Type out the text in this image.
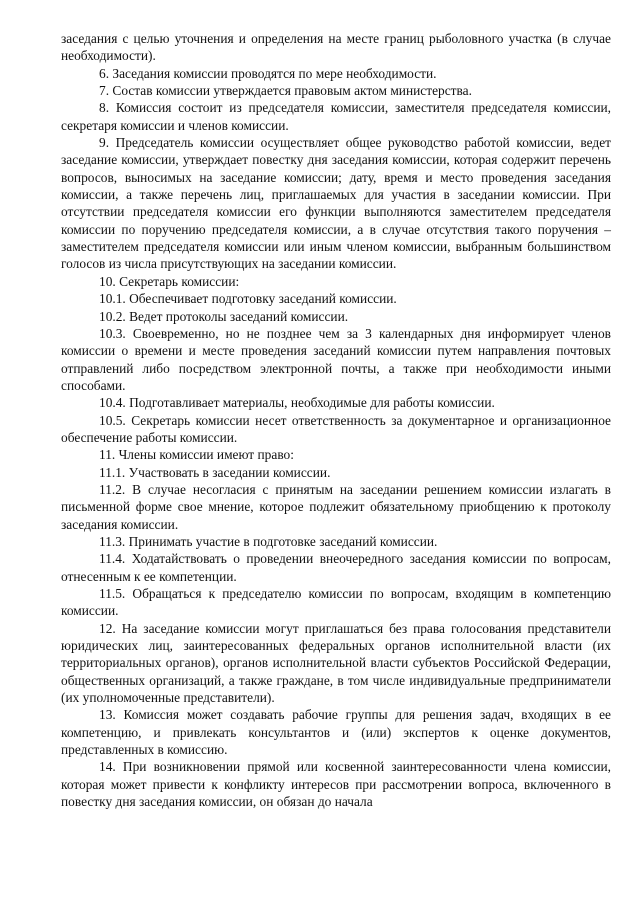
заседания с целью уточнения и определения на месте границ рыболовного участка (в случае необходимости).

6. Заседания комиссии проводятся по мере необходимости.

7. Состав комиссии утверждается правовым актом министерства.

8. Комиссия состоит из председателя комиссии, заместителя председателя комиссии, секретаря комиссии и членов комиссии.

9. Председатель комиссии осуществляет общее руководство работой комиссии, ведет заседание комиссии, утверждает повестку дня заседания комиссии, которая содержит перечень вопросов, выносимых на заседание комиссии; дату, время и место проведения заседания комиссии, а также перечень лиц, приглашаемых для участия в заседании комиссии. При отсутствии председателя комиссии его функции выполняются заместителем председателя комиссии по поручению председателя комиссии, а в случае отсутствия такого поручения – заместителем председателя комиссии или иным членом комиссии, выбранным большинством голосов из числа присутствующих на заседании комиссии.

10. Секретарь комиссии:

10.1. Обеспечивает подготовку заседаний комиссии.

10.2. Ведет протоколы заседаний комиссии.

10.3. Своевременно, но не позднее чем за 3 календарных дня информирует членов комиссии о времени и месте проведения заседаний комиссии путем направления почтовых отправлений либо посредством электронной почты, а также при необходимости иными способами.

10.4. Подготавливает материалы, необходимые для работы комиссии.

10.5. Секретарь комиссии несет ответственность за документарное и организационное обеспечение работы комиссии.

11. Члены комиссии имеют право:

11.1. Участвовать в заседании комиссии.

11.2. В случае несогласия с принятым на заседании решением комиссии излагать в письменной форме свое мнение, которое подлежит обязательному приобщению к протоколу заседания комиссии.

11.3. Принимать участие в подготовке заседаний комиссии.

11.4. Ходатайствовать о проведении внеочередного заседания комиссии по вопросам, отнесенным к ее компетенции.

11.5. Обращаться к председателю комиссии по вопросам, входящим в компетенцию комиссии.

12. На заседание комиссии могут приглашаться без права голосования представители юридических лиц, заинтересованных федеральных органов исполнительной власти (их территориальных органов), органов исполнительной власти субъектов Российской Федерации, общественных организаций, а также граждане, в том числе индивидуальные предприниматели (их уполномоченные представители).

13. Комиссия может создавать рабочие группы для решения задач, входящих в ее компетенцию, и привлекать консультантов и (или) экспертов к оценке документов, представленных в комиссию.

14. При возникновении прямой или косвенной заинтересованности члена комиссии, которая может привести к конфликту интересов при рассмотрении вопроса, включенного в повестку дня заседания комиссии, он обязан до начала
